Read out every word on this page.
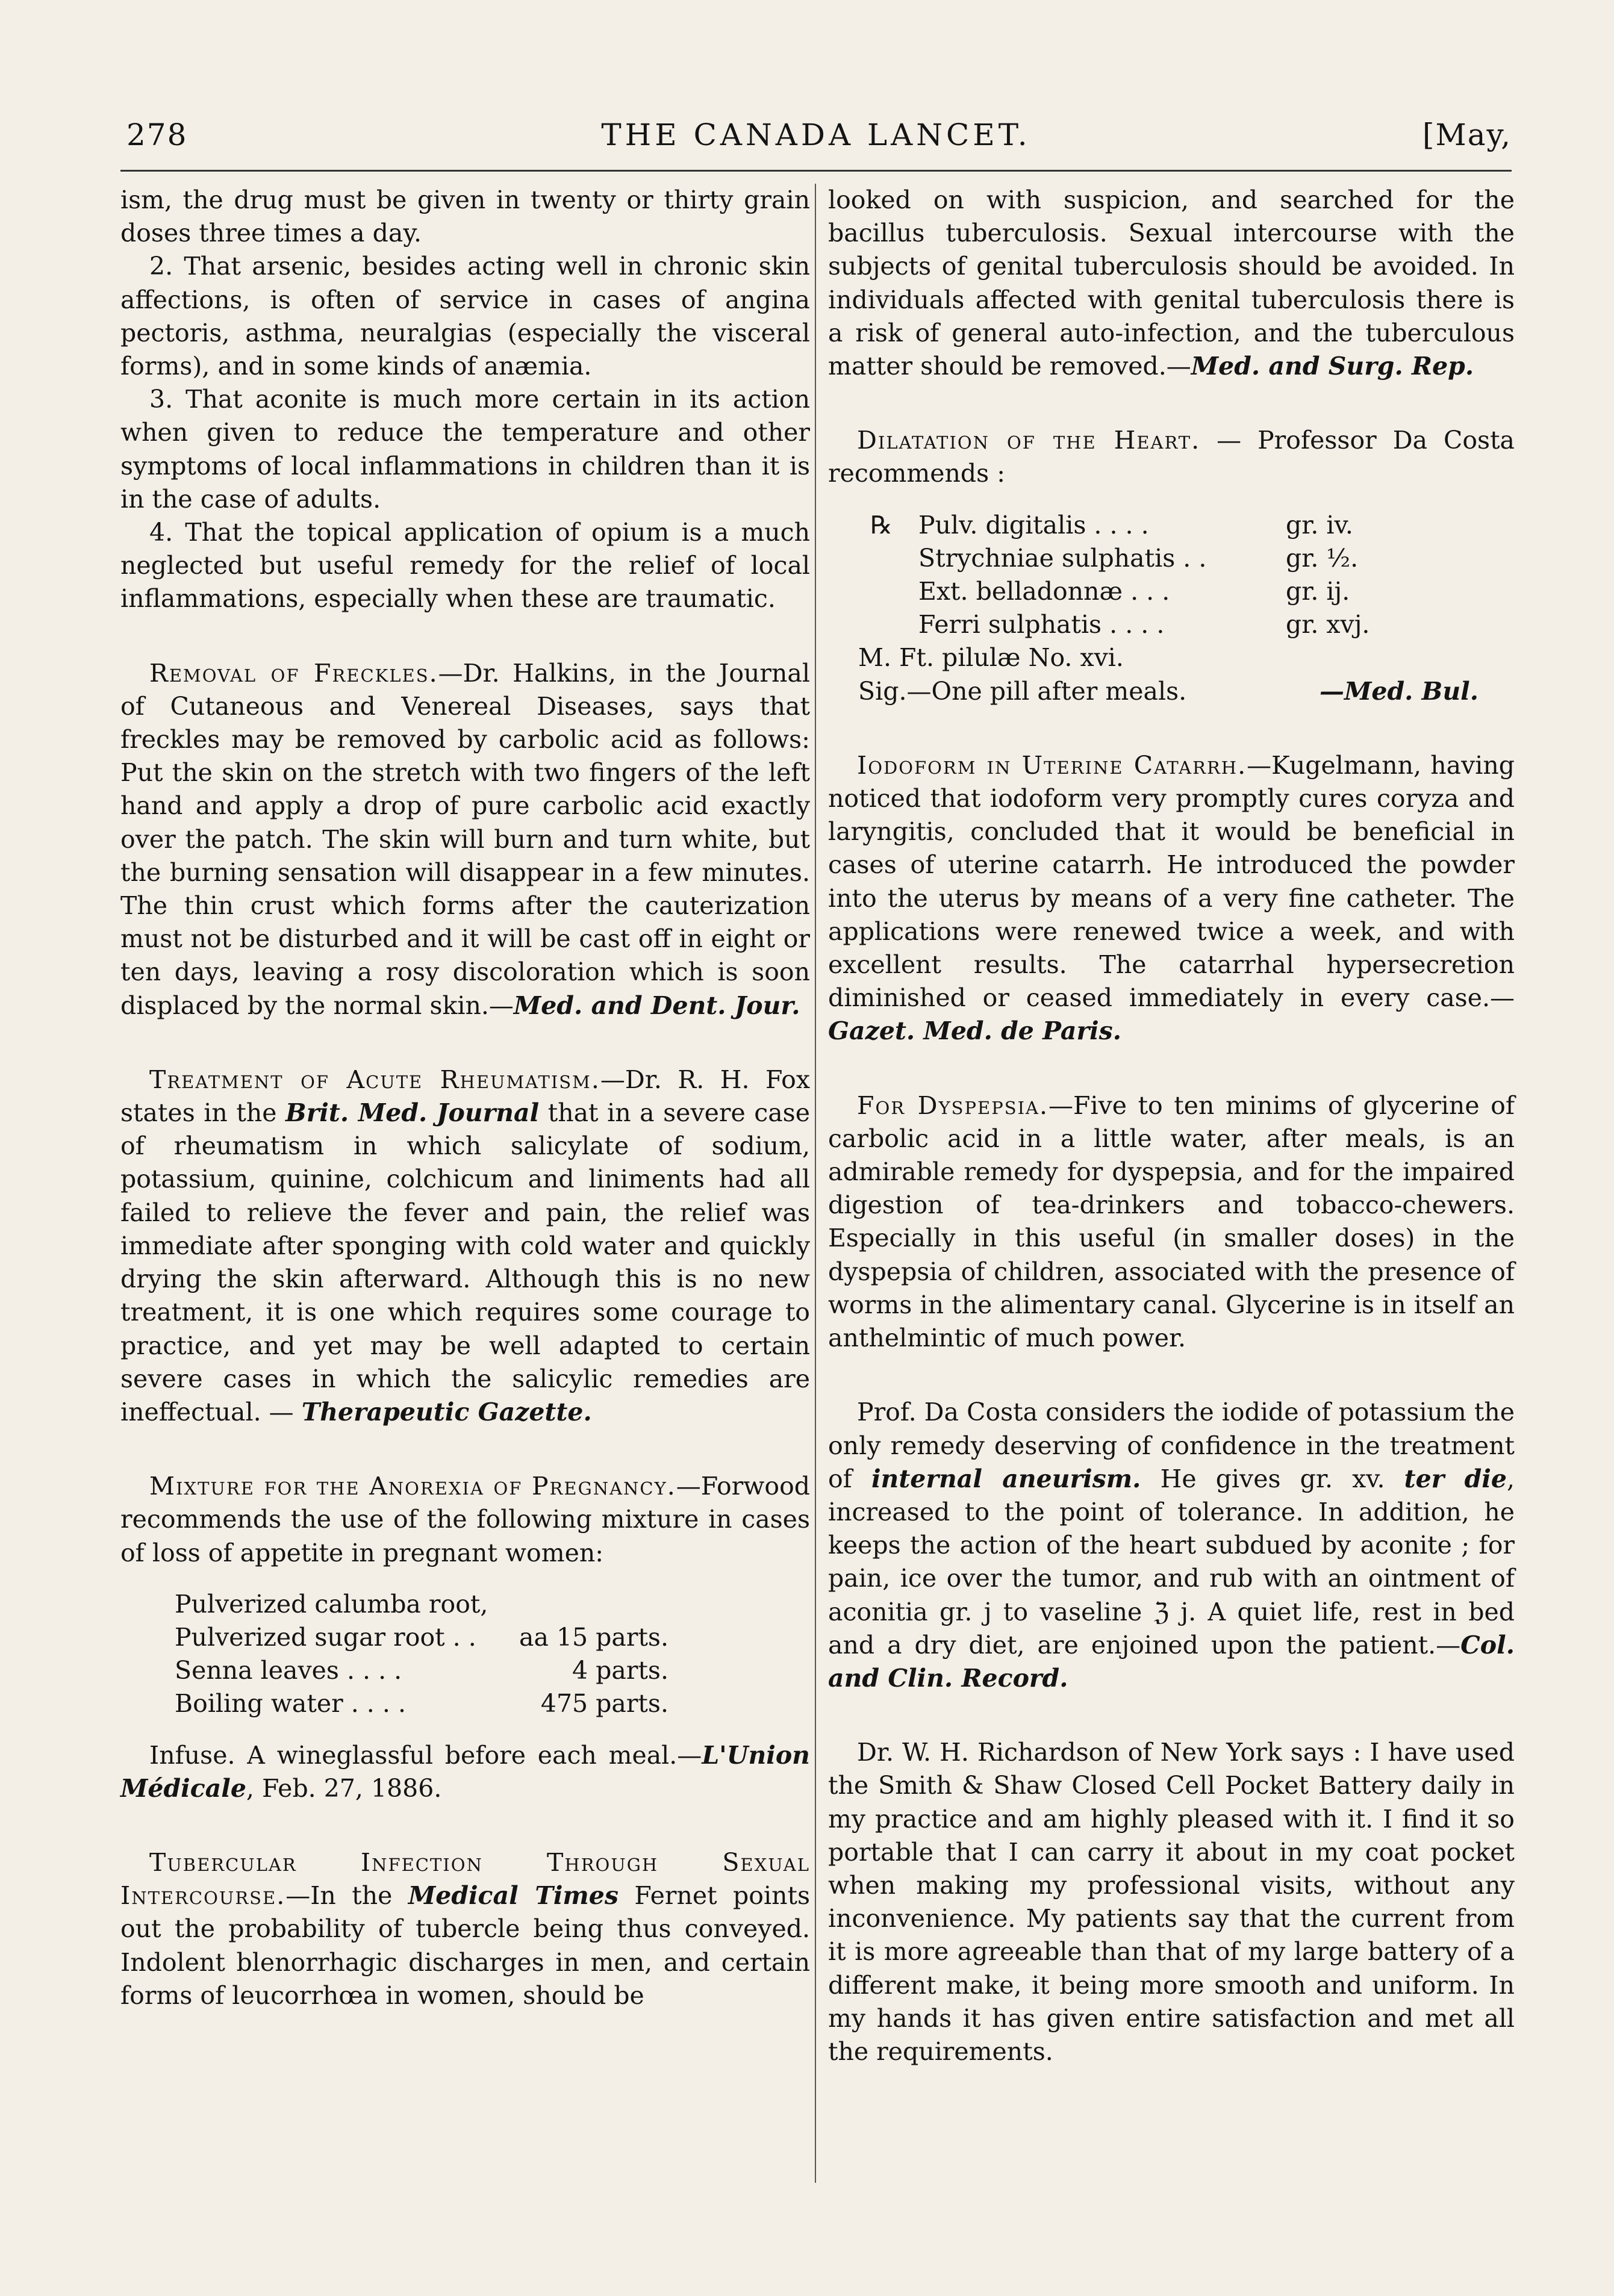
278	THE CANADA LANCET.	[May,

ism, the drug must be given in twenty or thirty grain doses three times a day.

2. That arsenic, besides acting well in chronic skin affections, is often of service in cases of angina pectoris, asthma, neuralgias (especially the visceral forms), and in some kinds of anæmia.

3. That aconite is much more certain in its action when given to reduce the temperature and other symptoms of local inflammations in children than it is in the case of adults.

4. That the topical application of opium is a much neglected but useful remedy for the relief of local inflammations, especially when these are traumatic.

Removal of Freckles.—Dr. Halkins, in the Journal of Cutaneous and Venereal Diseases, says that freckles may be removed by carbolic acid as follows: Put the skin on the stretch with two fingers of the left hand and apply a drop of pure carbolic acid exactly over the patch. The skin will burn and turn white, but the burning sensation will disappear in a few minutes. The thin crust which forms after the cauterization must not be disturbed and it will be cast off in eight or ten days, leaving a rosy discoloration which is soon displaced by the normal skin.—Med. and Dent. Jour.

Treatment of Acute Rheumatism.—Dr. R. H. Fox states in the Brit. Med. Journal that in a severe case of rheumatism in which salicylate of sodium, potassium, quinine, colchicum and liniments had all failed to relieve the fever and pain, the relief was immediate after sponging with cold water and quickly drying the skin afterward. Although this is no new treatment, it is one which requires some courage to practice, and yet may be well adapted to certain severe cases in which the salicylic remedies are ineffectual. — Therapeutic Gazette.

Mixture for the Anorexia of Pregnancy.—Forwood recommends the use of the following mixture in cases of loss of appetite in pregnant women:

Pulverized calumba root,	
Pulverized sugar root . .	aa 15 parts.
Senna leaves . . . .	4 parts.
Boiling water . . . .	475 parts.

Infuse. A wineglassful before each meal.—L'Union Médicale, Feb. 27, 1886.

Tubercular Infection Through Sexual Intercourse.—In the Medical Times Fernet points out the probability of tubercle being thus conveyed. Indolent blenorrhagic discharges in men, and certain forms of leucorrhœa in women, should be

looked on with suspicion, and searched for the bacillus tuberculosis. Sexual intercourse with the subjects of genital tuberculosis should be avoided. In individuals affected with genital tuberculosis there is a risk of general auto-infection, and the tuberculous matter should be removed.—Med. and Surg. Rep.

Dilatation of the Heart. — Professor Da Costa recommends :

℞	Pulv. digitalis . . . .	gr. iv.
	Strychniae sulphatis . .	gr. ½.
	Ext. belladonnæ . . .	gr. ij.
	Ferri sulphatis . . . .	gr. xvj.

M. Ft. pilulæ No. xvi.

Sig.—One pill after meals.	—Med. Bul.

Iodoform in Uterine Catarrh.—Kugelmann, having noticed that iodoform very promptly cures coryza and laryngitis, concluded that it would be beneficial in cases of uterine catarrh. He introduced the powder into the uterus by means of a very fine catheter. The applications were renewed twice a week, and with excellent results. The catarrhal hypersecretion diminished or ceased immediately in every case.—Gazet. Med. de Paris.

For Dyspepsia.—Five to ten minims of glycerine of carbolic acid in a little water, after meals, is an admirable remedy for dyspepsia, and for the impaired digestion of tea-drinkers and tobacco-chewers. Especially in this useful (in smaller doses) in the dyspepsia of children, associated with the presence of worms in the alimentary canal. Glycerine is in itself an anthelmintic of much power.

Prof. Da Costa considers the iodide of potassium the only remedy deserving of confidence in the treatment of internal aneurism. He gives gr. xv. ter die, increased to the point of tolerance. In addition, he keeps the action of the heart subdued by aconite ; for pain, ice over the tumor, and rub with an ointment of aconitia gr. j to vaseline ℨ j. A quiet life, rest in bed and a dry diet, are enjoined upon the patient.—Col. and Clin. Record.

Dr. W. H. Richardson of New York says : I have used the Smith & Shaw Closed Cell Pocket Battery daily in my practice and am highly pleased with it. I find it so portable that I can carry it about in my coat pocket when making my professional visits, without any inconvenience. My patients say that the current from it is more agreeable than that of my large battery of a different make, it being more smooth and uniform. In my hands it has given entire satisfaction and met all the requirements.
